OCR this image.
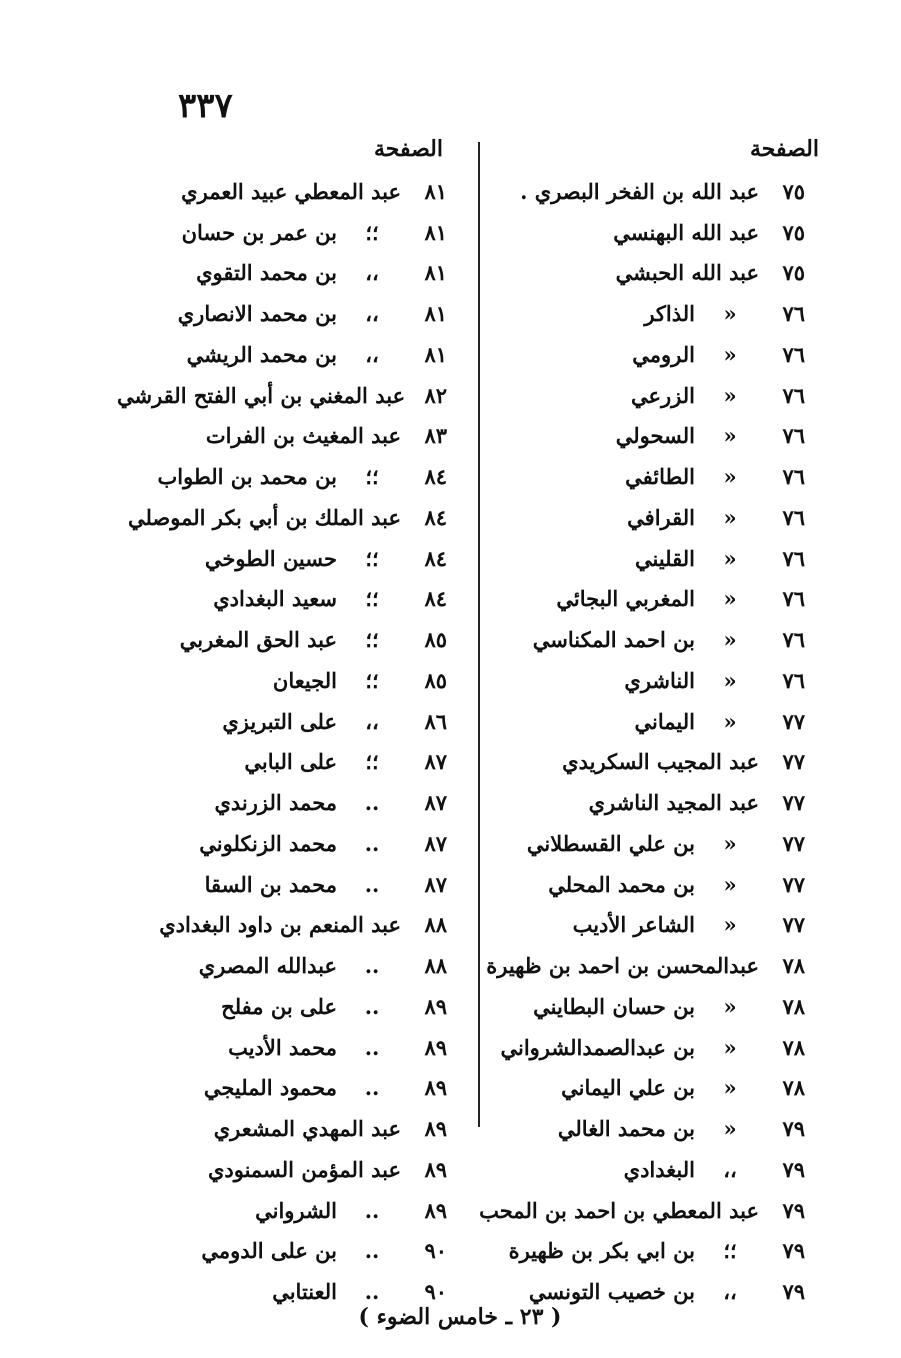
٣٣٧
الصفحة
الصفحة
٧٥
عبد الله بن الفخر البصري .
٧٥
عبد الله البهنسي
٧٥
عبد الله الحبشي
٧٦
«
الذاكر
٧٦
«
الرومي
٧٦
«
الزرعي
٧٦
«
السحولي
٧٦
«
الطائفي
٧٦
«
القرافي
٧٦
«
القليني
٧٦
«
المغربي البجائي
٧٦
«
بن احمد المكناسي
٧٦
«
الناشري
٧٧
«
اليماني
٧٧
عبد المجيب السكريدي
٧٧
عبد المجيد الناشري
٧٧
«
بن علي القسطلاني
٧٧
«
بن محمد المحلي
٧٧
«
الشاعر الأديب
٧٨
عبدالمحسن بن احمد بن ظهيرة
٧٨
«
بن حسان البطايني
٧٨
«
بن عبدالصمدالشرواني
٧٨
«
بن علي اليماني
٧٩
«
بن محمد الغالي
٧٩
،،
البغدادي
٧٩
عبد المعطي بن احمد بن المحب
٧٩
؛؛
بن ابي بكر بن ظهيرة
٧٩
،،
بن خصيب التونسي
٨١
عبد المعطي عبيد العمري
٨١
؛؛
بن عمر بن حسان
٨١
،،
بن محمد التقوي
٨١
،،
بن محمد الانصاري
٨١
،،
بن محمد الريشي
٨٢
عبد المغني بن أبي الفتح القرشي
٨٣
عبد المغيث بن الفرات
٨٤
؛؛
بن محمد بن الطواب
٨٤
عبد الملك بن أبي بكر الموصلي
٨٤
؛؛
حسين الطوخي
٨٤
؛؛
سعيد البغدادي
٨٥
؛؛
عبد الحق المغربي
٨٥
؛؛
الجيعان
٨٦
،،
على التبريزي
٨٧
؛؛
على البابي
٨٧
..
محمد الزرندي
٨٧
..
محمد الزنكلوني
٨٧
..
محمد بن السقا
٨٨
عبد المنعم بن داود البغدادي
٨٨
..
عبدالله المصري
٨٩
..
على بن مفلح
٨٩
..
محمد الأديب
٨٩
..
محمود المليجي
٨٩
عبد المهدي المشعري
٨٩
عبد المؤمن السمنودي
٨٩
..
الشرواني
٩٠
..
بن على الدومي
٩٠
..
العنتابي
( ٢٣ ـ خامس الضوء )
